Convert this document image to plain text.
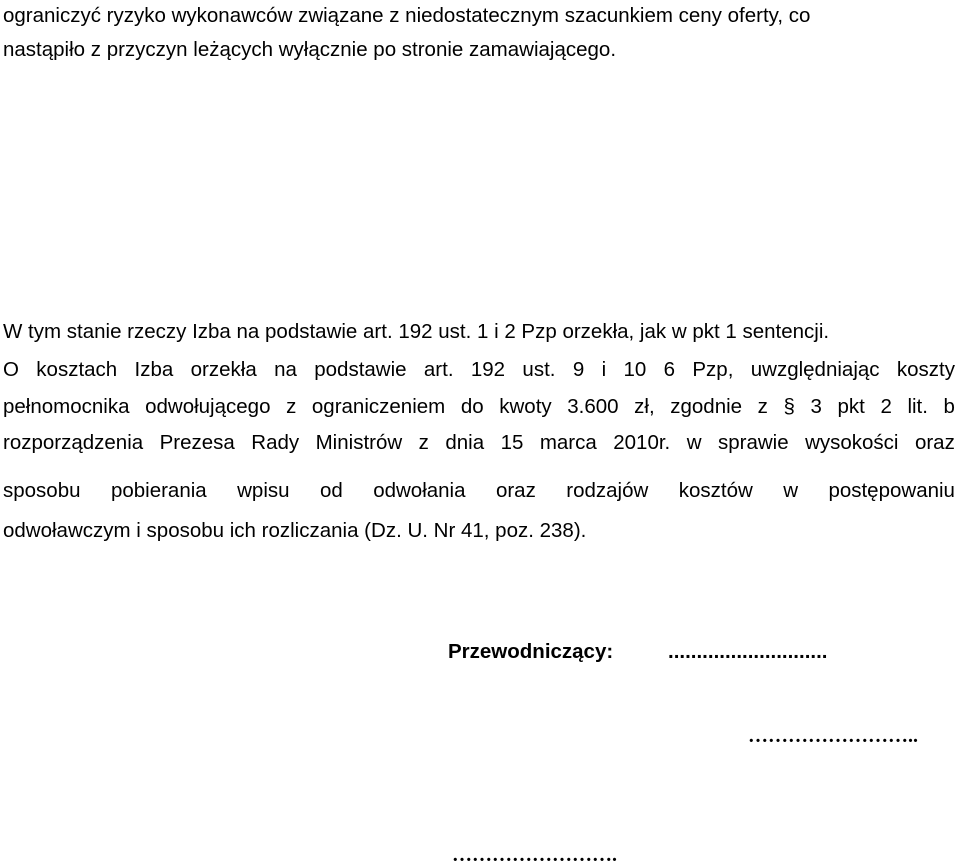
ograniczyć ryzyko wykonawców związane z niedostatecznym szacunkiem ceny oferty, co
nastąpiło z przyczyn leżących wyłącznie po stronie zamawiającego.
W tym stanie rzeczy Izba na podstawie art. 192 ust. 1 i 2 Pzp orzekła, jak w pkt 1 sentencji.
O kosztach Izba orzekła na podstawie art. 192 ust. 9 i 10 6 Pzp, uwzględniając koszty
pełnomocnika odwołującego z ograniczeniem do kwoty 3.600 zł, zgodnie z § 3 pkt 2 lit. b
rozporządzenia Prezesa Rady Ministrów z dnia 15 marca 2010r. w sprawie wysokości oraz
sposobu pobierania wpisu od odwołania oraz rodzajów kosztów w postępowaniu
odwoławczym i sposobu ich rozliczania (Dz. U. Nr 41, poz. 238).
Przewodniczący:	............................
……………………..
…………………….
